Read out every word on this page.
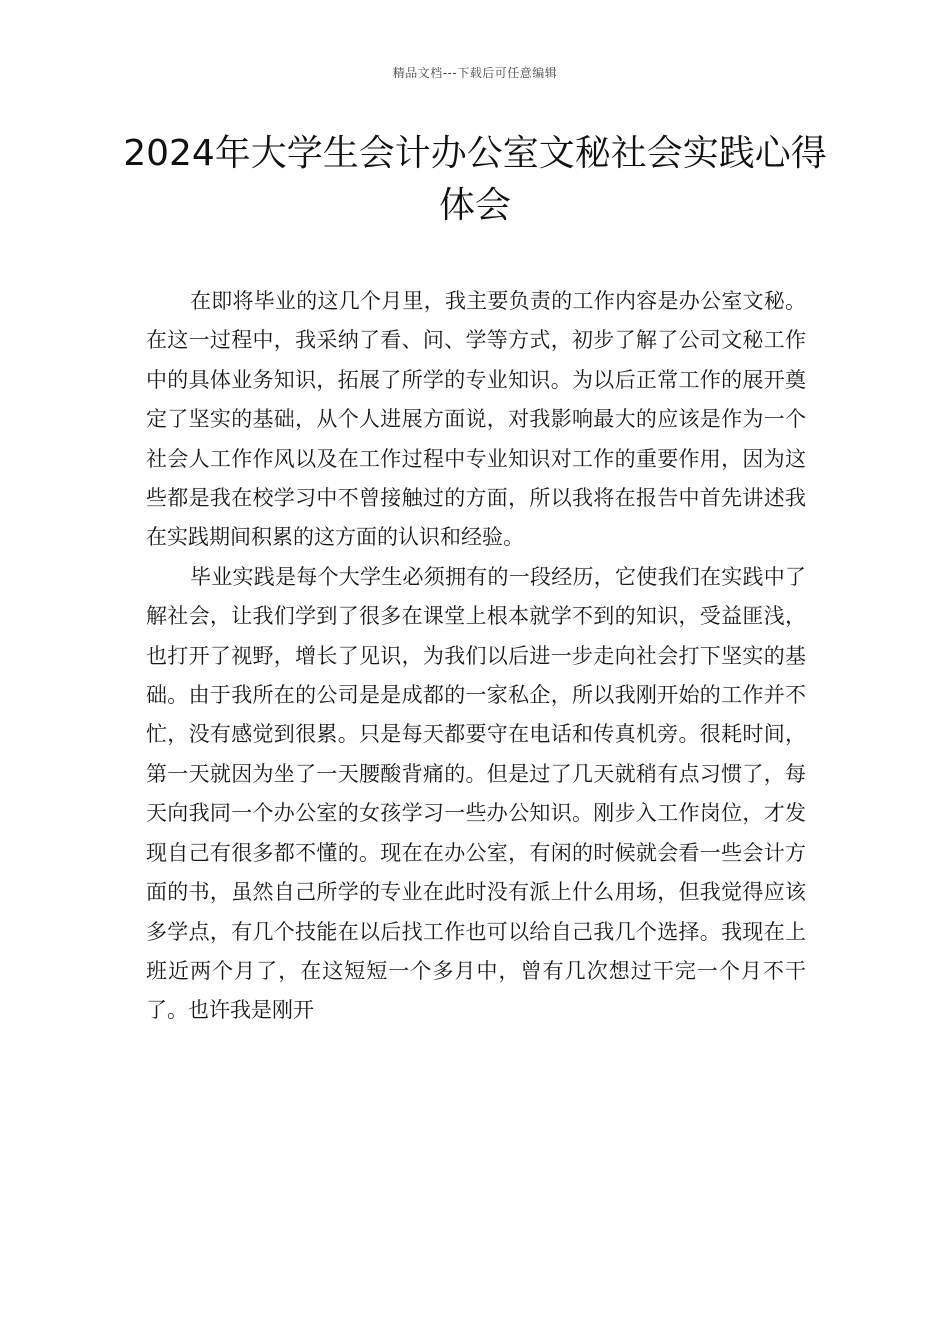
精品文档---下载后可任意编辑
2024年大学生会计办公室文秘社会实践心得体会

在即将毕业的这几个月里，我主要负责的工作内容是办公室文秘。在这一过程中，我采纳了看、问、学等方式，初步了解了公司文秘工作中的具体业务知识，拓展了所学的专业知识。为以后正常工作的展开奠定了坚实的基础，从个人进展方面说，对我影响最大的应该是作为一个社会人工作作风以及在工作过程中专业知识对工作的重要作用，因为这些都是我在校学习中不曾接触过的方面，所以我将在报告中首先讲述我在实践期间积累的这方面的认识和经验。

毕业实践是每个大学生必须拥有的一段经历，它使我们在实践中了解社会，让我们学到了很多在课堂上根本就学不到的知识，受益匪浅，也打开了视野，增长了见识，为我们以后进一步走向社会打下坚实的基础。由于我所在的公司是是成都的一家私企，所以我刚开始的工作并不忙，没有感觉到很累。只是每天都要守在电话和传真机旁。很耗时间，第一天就因为坐了一天腰酸背痛的。但是过了几天就稍有点习惯了，每天向我同一个办公室的女孩学习一些办公知识。刚步入工作岗位，才发现自己有很多都不懂的。现在在办公室，有闲的时候就会看一些会计方面的书，虽然自己所学的专业在此时没有派上什么用场，但我觉得应该多学点，有几个技能在以后找工作也可以给自己我几个选择。我现在上班近两个月了，在这短短一个多月中，曾有几次想过干完一个月不干了。也许我是刚开
